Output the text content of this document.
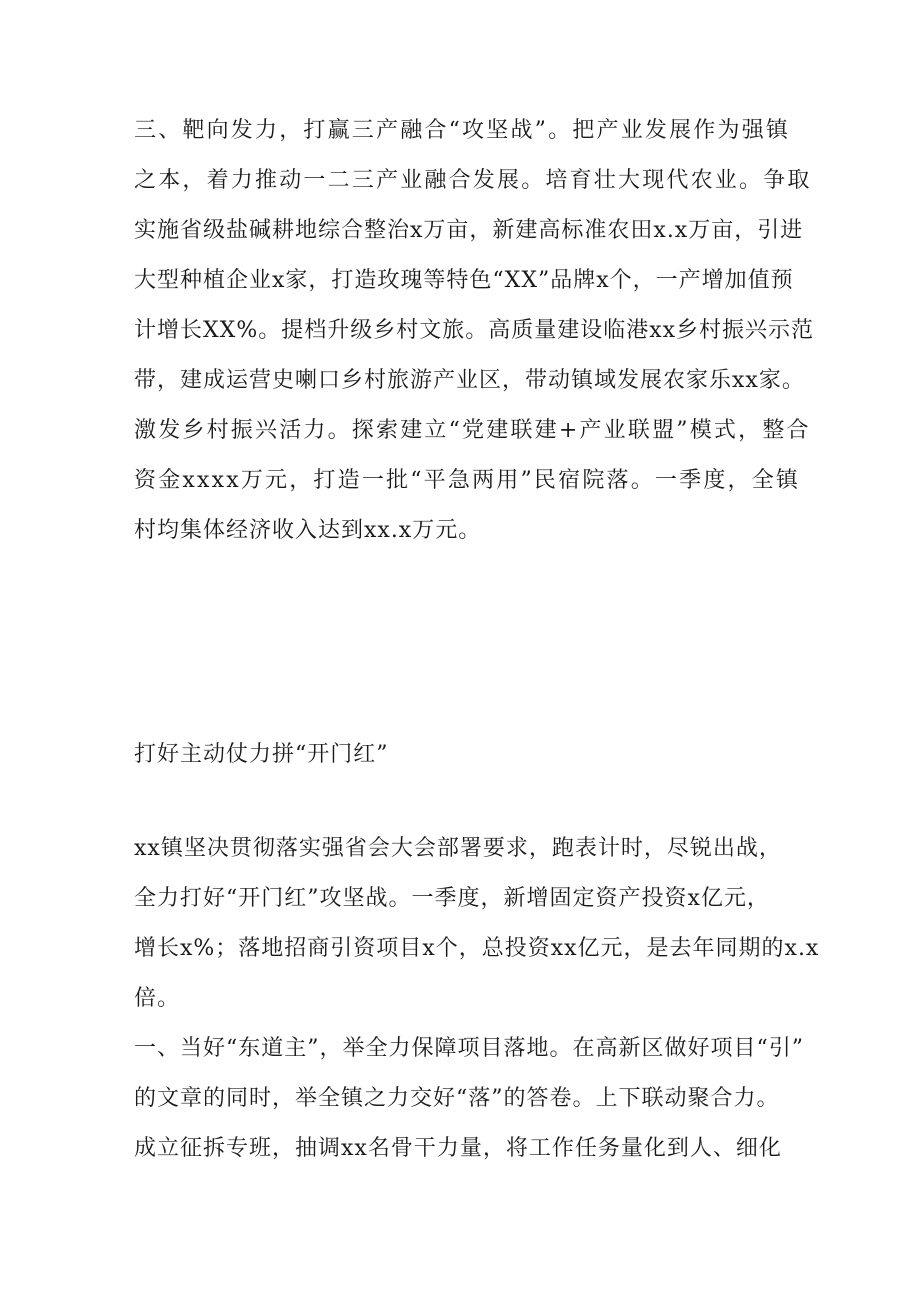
三、靶向发力，打赢三产融合“攻坚战”。把产业发展作为强镇
之本，着力推动一二三产业融合发展。培育壮大现代农业。争取
实施省级盐碱耕地综合整治x万亩，新建高标准农田x.x万亩，引进
大型种植企业x家，打造玫瑰等特色“XX”品牌x个，一产增加值预
计增长XX%。提档升级乡村文旅。高质量建设临港xx乡村振兴示范
带，建成运营史喇口乡村旅游产业区，带动镇域发展农家乐xx家。
激发乡村振兴活力。探索建立“党建联建+产业联盟”模式，整合
资金xxxx万元，打造一批“平急两用”民宿院落。一季度，全镇
村均集体经济收入达到xx.x万元。
打好主动仗力拼“开门红”
xx镇坚决贯彻落实强省会大会部署要求，跑表计时，尽锐出战，
全力打好“开门红”攻坚战。一季度，新增固定资产投资x亿元，
增长x%；落地招商引资项目x个，总投资xx亿元，是去年同期的x.x
倍。
一、当好“东道主”，举全力保障项目落地。在高新区做好项目“引”
的文章的同时，举全镇之力交好“落”的答卷。上下联动聚合力。
成立征拆专班，抽调xx名骨干力量，将工作任务量化到人、细化
